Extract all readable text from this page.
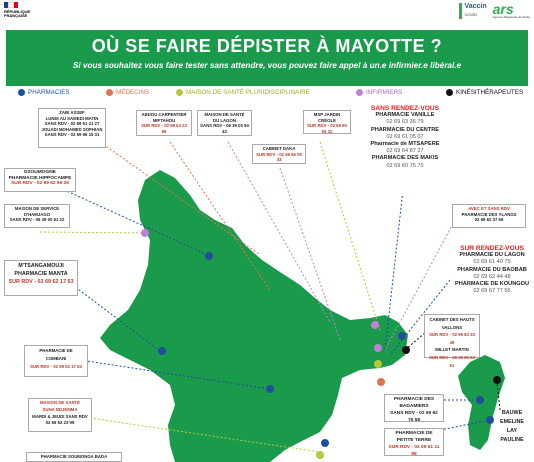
RÉPUBLIQUE
FRANÇAISE
Vaccin
COVID	ars
Agence Régionale de Santé
OÙ SE FAIRE DÉPISTER À MAYOTTE ?

Si vous souhaitez vous faire tester sans attendre, vous pouvez faire appel à un.e infirmier.e libéral.e

PHARMACIES	MÉDECINS	MAISON DE SANTÉ PLURIDISCIPLINAIRE	INFIRMIERS	KINÉSITHÉRAPEUTES
ZABI ASSEF
LUNDI AU SAMEDI MATIN
SANS RDV - 02 69 61 21 27
JOUADI MOHAMED SOPHIAN
SANS RDV - 02 69 66 15 31
ABDOU CARPENTIER
MIFTAHOU
SUR RDV - 02 69 63 23 86
MAISON DE SANTÉ
DU LAGON
SANS RDV - 06 39 03 94 43
MSP JARDIN
CRÉOLE
SUR RDV - 02 69 60 94 32
CABINET DAKA
SUR RDV - 02 69 66 00 33
DZOUMOGNE
PHARMACIE HIPPOCAMPE
SUR RDV - 02 69 62 96 26
MAISON DE SERVICE
D'HAMJAGO
SANS RDV - 06 39 00 61 22
M'TSANGAMOUJI
PHARMACIE MANTA
SUR RDV - 02 69 62 17 63
PHARMACIE DE
COMBANI
SUR RDV - 02 69 62 17 63
MAISON DE SANTÉ
SUHA NDJEMMA
MARDI & JEUDI SANS RDV
02 69 62 23 99
PHARMACIE SOUMONGA BADA
SANS RENDEZ-VOUS
PHARMACIE VANILLE
02 69 63 36 79
PHARMACIE DU CENTRE
02 69 61 05 07
Pharmacie de MTSAPERE
02 69 64 87 27
PHARMACIE DES MAKIS
02 69 60 75 75
AVEC ET SANS RDV
PHARMACIE DES YLANGS
02 69 62 37 66
SUR RENDEZ-VOUS
PHARMACIE DU LAGON
02 69 61 40 75
PHARMACIE DU BAOBAB
02 69 62 44 48
PHARMACIE DE KOUNGOU
02 69 67 77 56
CABINET DES HAUTS
VALLONS
SUR RDV - 02 69 63 33 49
MILLET MARTIN
SUR RDV - 06 39 69 93 61
PHARMACIE DES
BADAMIERS
SANS RDV - 02 69 62 75 58
PHARMACIE DE
PETITE TERRE
SUR RDV - 02 69 61 11 88
BAUWE
EMELINE
LAY PAULINE
